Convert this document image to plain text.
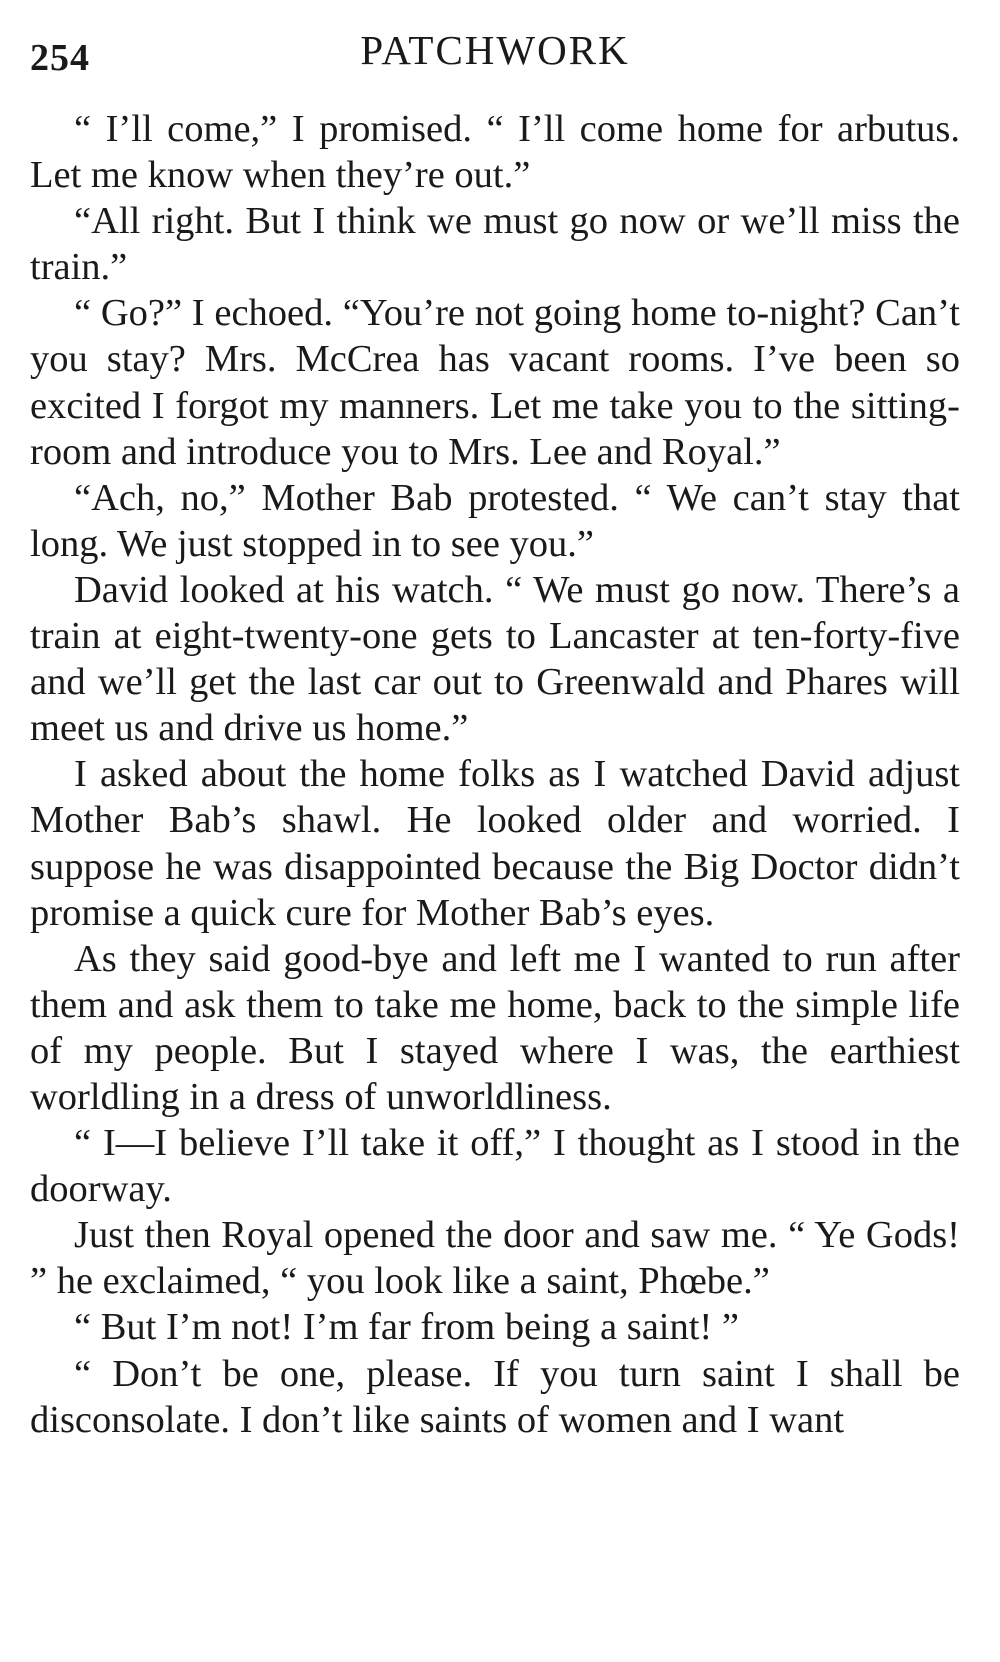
254	PATCHWORK

“ I’ll come,” I promised. “ I’ll come home for arbutus. Let me know when they’re out.”

“All right. But I think we must go now or we’ll miss the train.”

“ Go?” I echoed. “You’re not going home to-night? Can’t you stay? Mrs. McCrea has vacant rooms. I’ve been so excited I forgot my manners. Let me take you to the sitting-room and introduce you to Mrs. Lee and Royal.”

“Ach, no,” Mother Bab protested. “ We can’t stay that long. We just stopped in to see you.”

David looked at his watch. “ We must go now. There’s a train at eight-twenty-one gets to Lancaster at ten-forty-five and we’ll get the last car out to Greenwald and Phares will meet us and drive us home.”

I asked about the home folks as I watched David adjust Mother Bab’s shawl. He looked older and worried. I suppose he was disappointed because the Big Doctor didn’t promise a quick cure for Mother Bab’s eyes.

As they said good-bye and left me I wanted to run after them and ask them to take me home, back to the simple life of my people. But I stayed where I was, the earthiest worldling in a dress of unworldliness.

“ I—I believe I’ll take it off,” I thought as I stood in the doorway.

Just then Royal opened the door and saw me. “ Ye Gods! ” he exclaimed, “ you look like a saint, Phœbe.”

“ But I’m not! I’m far from being a saint! ”

“ Don’t be one, please. If you turn saint I shall be disconsolate. I don’t like saints of women and I want
